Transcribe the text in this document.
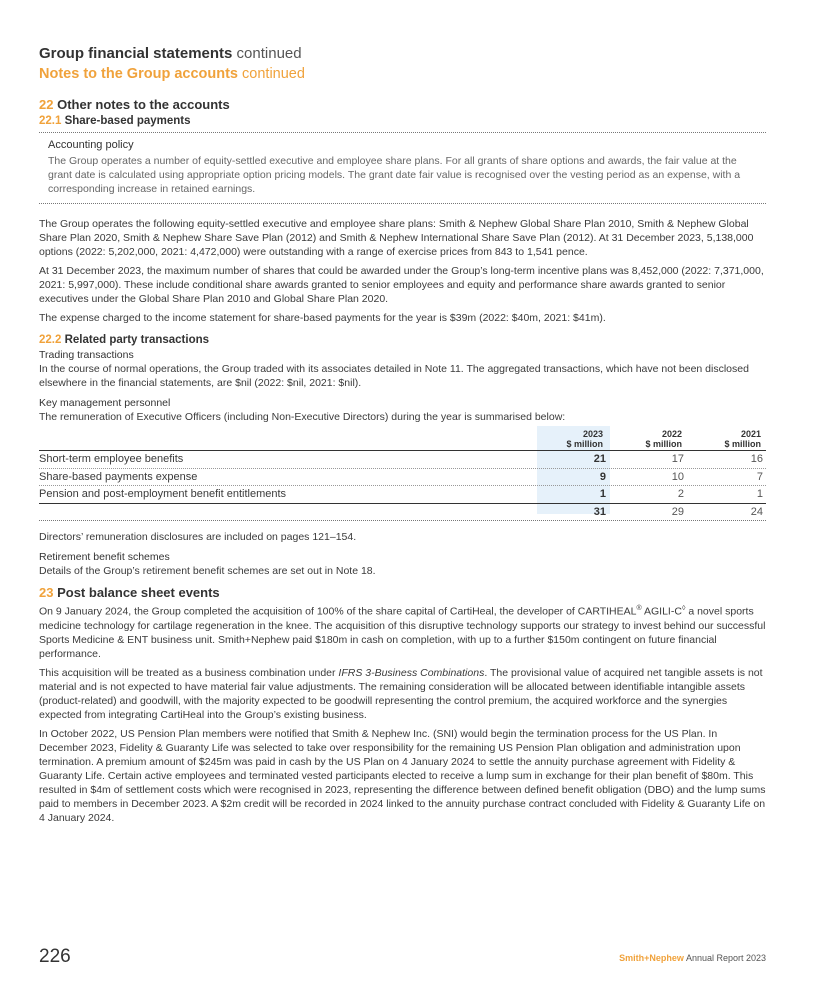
Group financial statements continued
Notes to the Group accounts continued
22 Other notes to the accounts
22.1 Share-based payments
Accounting policy
The Group operates a number of equity-settled executive and employee share plans. For all grants of share options and awards, the fair value at the grant date is calculated using appropriate option pricing models. The grant date fair value is recognised over the vesting period as an expense, with a corresponding increase in retained earnings.

The Group operates the following equity-settled executive and employee share plans: Smith & Nephew Global Share Plan 2010, Smith & Nephew Global Share Plan 2020, Smith & Nephew Share Save Plan (2012) and Smith & Nephew International Share Save Plan (2012). At 31 December 2023, 5,138,000 options (2022: 5,202,000, 2021: 4,472,000) were outstanding with a range of exercise prices from 843 to 1,541 pence.

At 31 December 2023, the maximum number of shares that could be awarded under the Group’s long-term incentive plans was 8,452,000 (2022: 7,371,000, 2021: 5,997,000). These include conditional share awards granted to senior employees and equity and performance share awards granted to senior executives under the Global Share Plan 2010 and Global Share Plan 2020.

The expense charged to the income statement for share-based payments for the year is $39m (2022: $40m, 2021: $41m).

22.2 Related party transactions
Trading transactions

In the course of normal operations, the Group traded with its associates detailed in Note 11. The aggregated transactions, which have not been disclosed elsewhere in the financial statements, are $nil (2022: $nil, 2021: $nil).

Key management personnel

The remuneration of Executive Officers (including Non-Executive Directors) during the year is summarised below:

2023
$ million
2022
$ million
2021
$ million
Short-term employee benefits	21	17	16
Share-based payments expense	9	10	7
Pension and post-employment benefit entitlements	1	2	1
31	29	24

Directors’ remuneration disclosures are included on pages 121–154.

Retirement benefit schemes

Details of the Group’s retirement benefit schemes are set out in Note 18.

23 Post balance sheet events

On 9 January 2024, the Group completed the acquisition of 100% of the share capital of CartiHeal, the developer of CARTIHEAL® AGILI-C◊ a novel sports medicine technology for cartilage regeneration in the knee. The acquisition of this disruptive technology supports our strategy to invest behind our successful Sports Medicine & ENT business unit. Smith+Nephew paid $180m in cash on completion, with up to a further $150m contingent on future financial performance.

This acquisition will be treated as a business combination under IFRS 3-Business Combinations. The provisional value of acquired net tangible assets is not material and is not expected to have material fair value adjustments. The remaining consideration will be allocated between identifiable intangible assets (product-related) and goodwill, with the majority expected to be goodwill representing the control premium, the acquired workforce and the synergies expected from integrating CartiHeal into the Group’s existing business.

In October 2022, US Pension Plan members were notified that Smith & Nephew Inc. (SNI) would begin the termination process for the US Plan. In December 2023, Fidelity & Guaranty Life was selected to take over responsibility for the remaining US Pension Plan obligation and administration upon termination. A premium amount of $245m was paid in cash by the US Plan on 4 January 2024 to settle the annuity purchase agreement with Fidelity & Guaranty Life. Certain active employees and terminated vested participants elected to receive a lump sum in exchange for their plan benefit of $80m. This resulted in $4m of settlement costs which were recognised in 2023, representing the difference between defined benefit obligation (DBO) and the lump sums paid to members in December 2023. A $2m credit will be recorded in 2024 linked to the annuity purchase contract concluded with Fidelity & Guaranty Life on 4 January 2024.

226	Smith+Nephew Annual Report 2023
